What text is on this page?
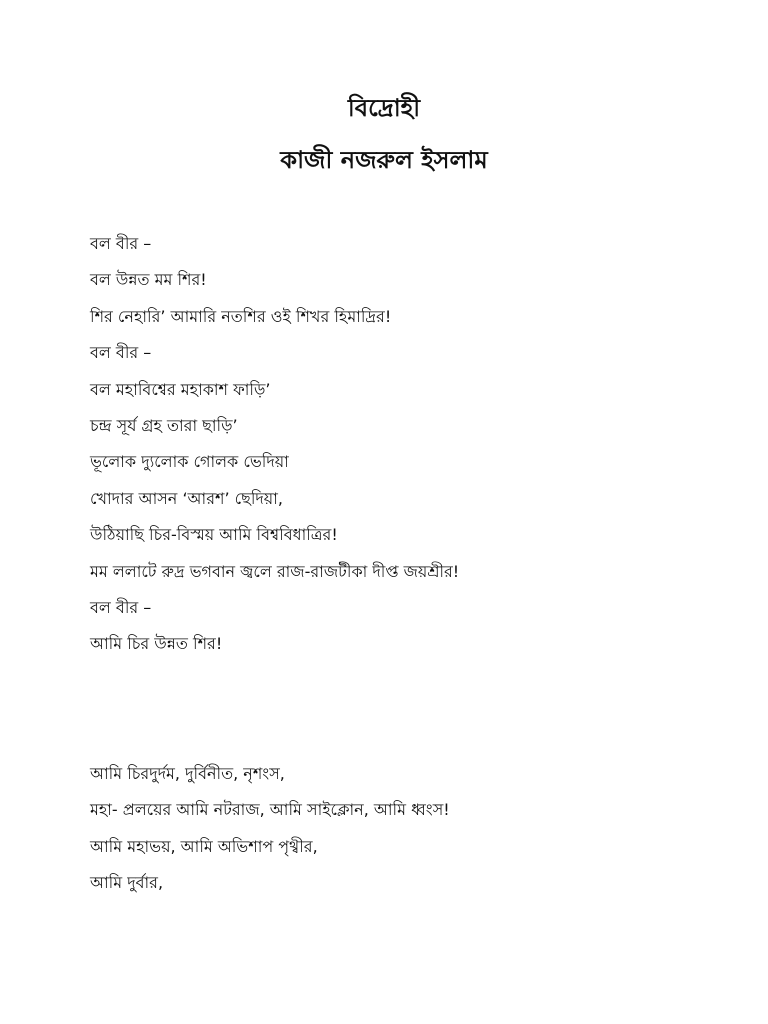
বিদ্রোহী
কাজী নজরুল ইসলাম
বল বীর –
বল উন্নত মম শির!
শির নেহারি’ আমারি নতশির ওই শিখর হিমাদ্রির!
বল বীর –
বল মহাবিশ্বের মহাকাশ ফাড়ি’
চন্দ্র সূর্য গ্রহ তারা ছাড়ি’
ভূলোক দ্যুলোক গোলক ভেদিয়া
খোদার আসন ‘আরশ’ ছেদিয়া,
উঠিয়াছি চির-বিস্ময় আমি বিশ্ববিধাত্রির!
মম ললাটে রুদ্র ভগবান জ্বলে রাজ-রাজটীকা দীপ্ত জয়শ্রীর!
বল বীর –
আমি চির উন্নত শির!
আমি চিরদুর্দম, দুর্বিনীত, নৃশংস,
মহা- প্রলয়ের আমি নটরাজ, আমি সাইক্লোন, আমি ধ্বংস!
আমি মহাভয়, আমি অভিশাপ পৃথ্বীর,
আমি দুর্বার,
